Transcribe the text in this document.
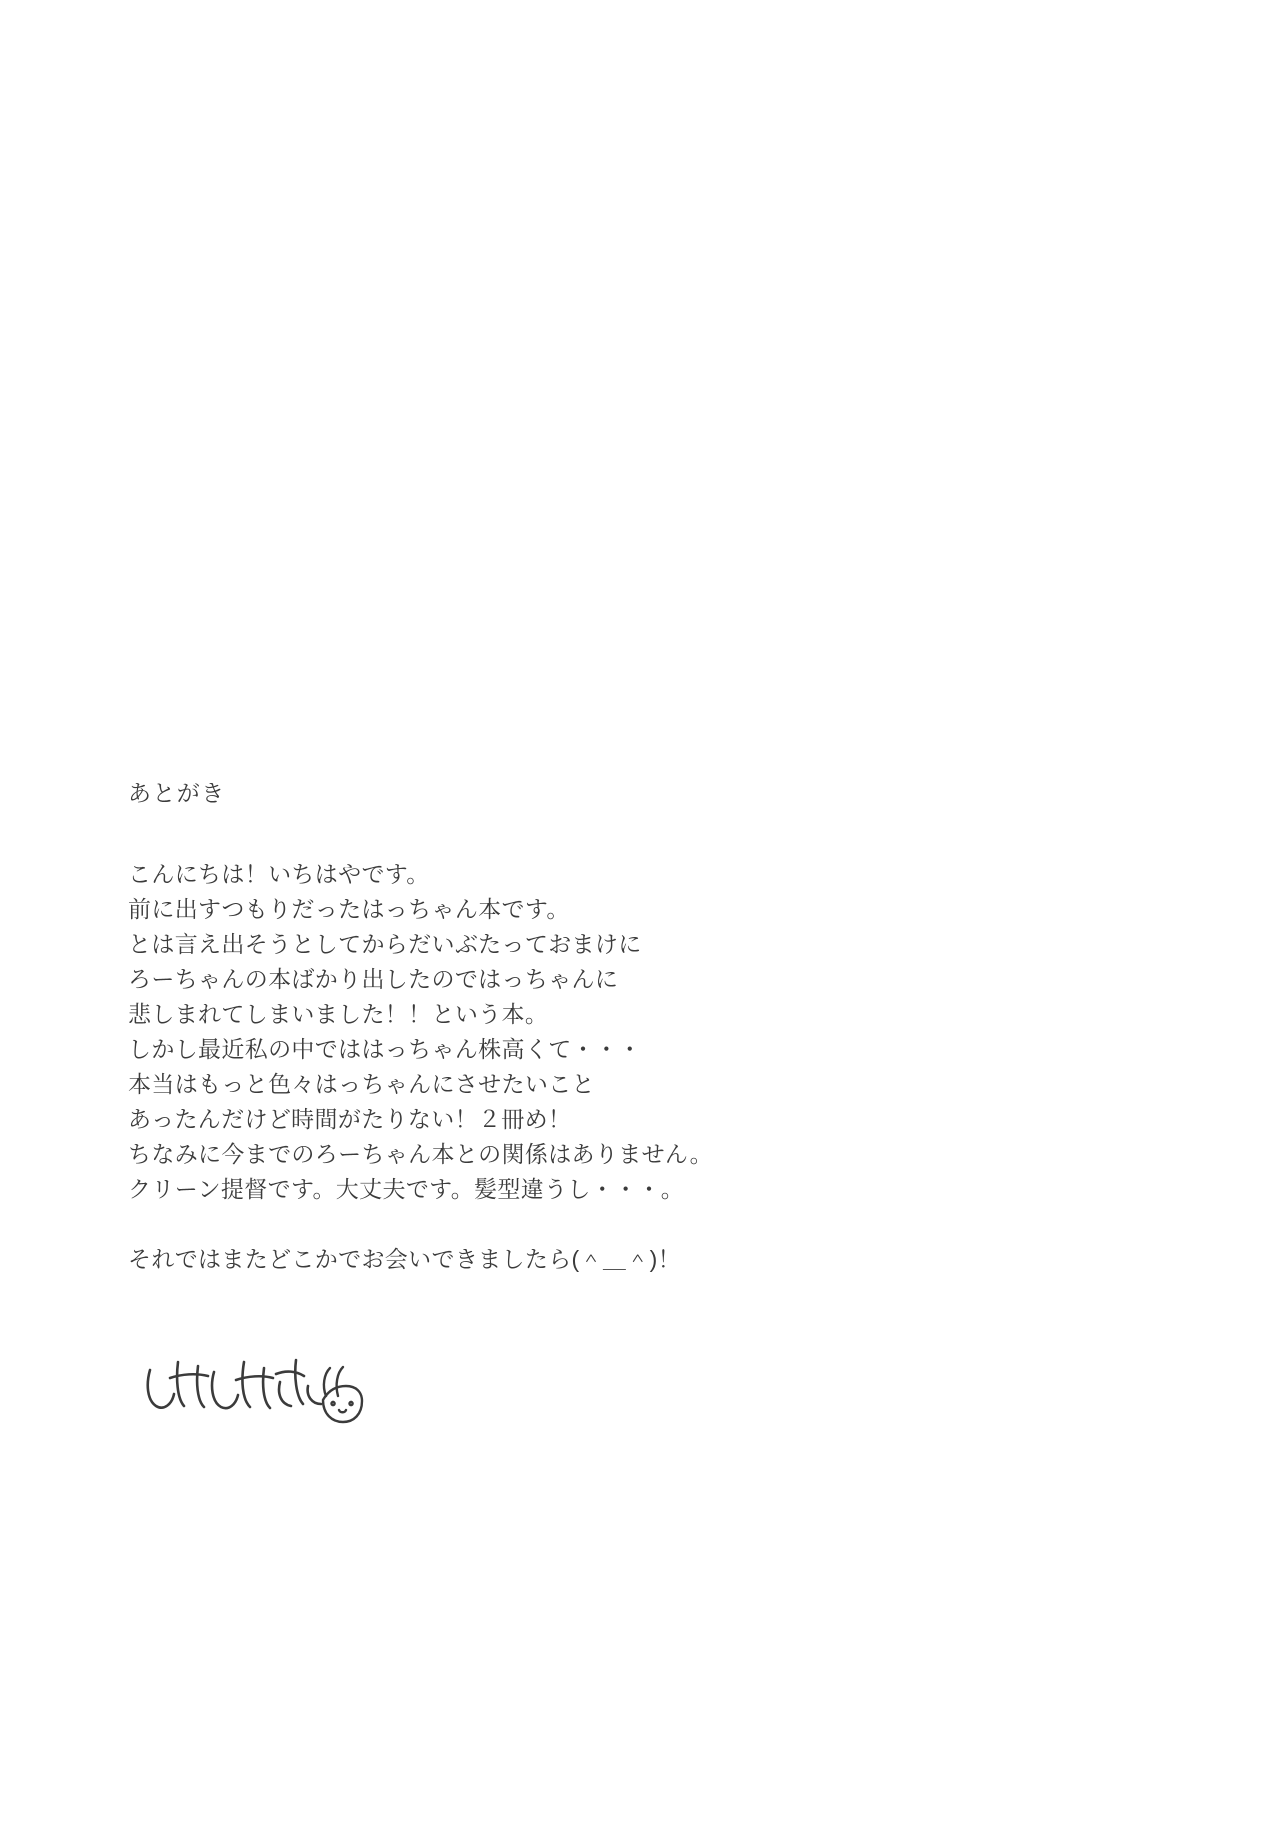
あとがき
こんにちは！いちはやです。
前に出すつもりだったはっちゃん本です。
とは言え出そうとしてからだいぶたっておまけに
ろーちゃんの本ばかり出したのではっちゃんに
悲しまれてしまいました！！という本。
しかし最近私の中でははっちゃん株高くて・・・
本当はもっと色々はっちゃんにさせたいこと
あったんだけど時間がたりない！２冊め！
ちなみに今までのろーちゃん本との関係はありません。
クリーン提督です。大丈夫です。髪型違うし・・・。
それではまたどこかでお会いできましたら(＾＿＾)！
